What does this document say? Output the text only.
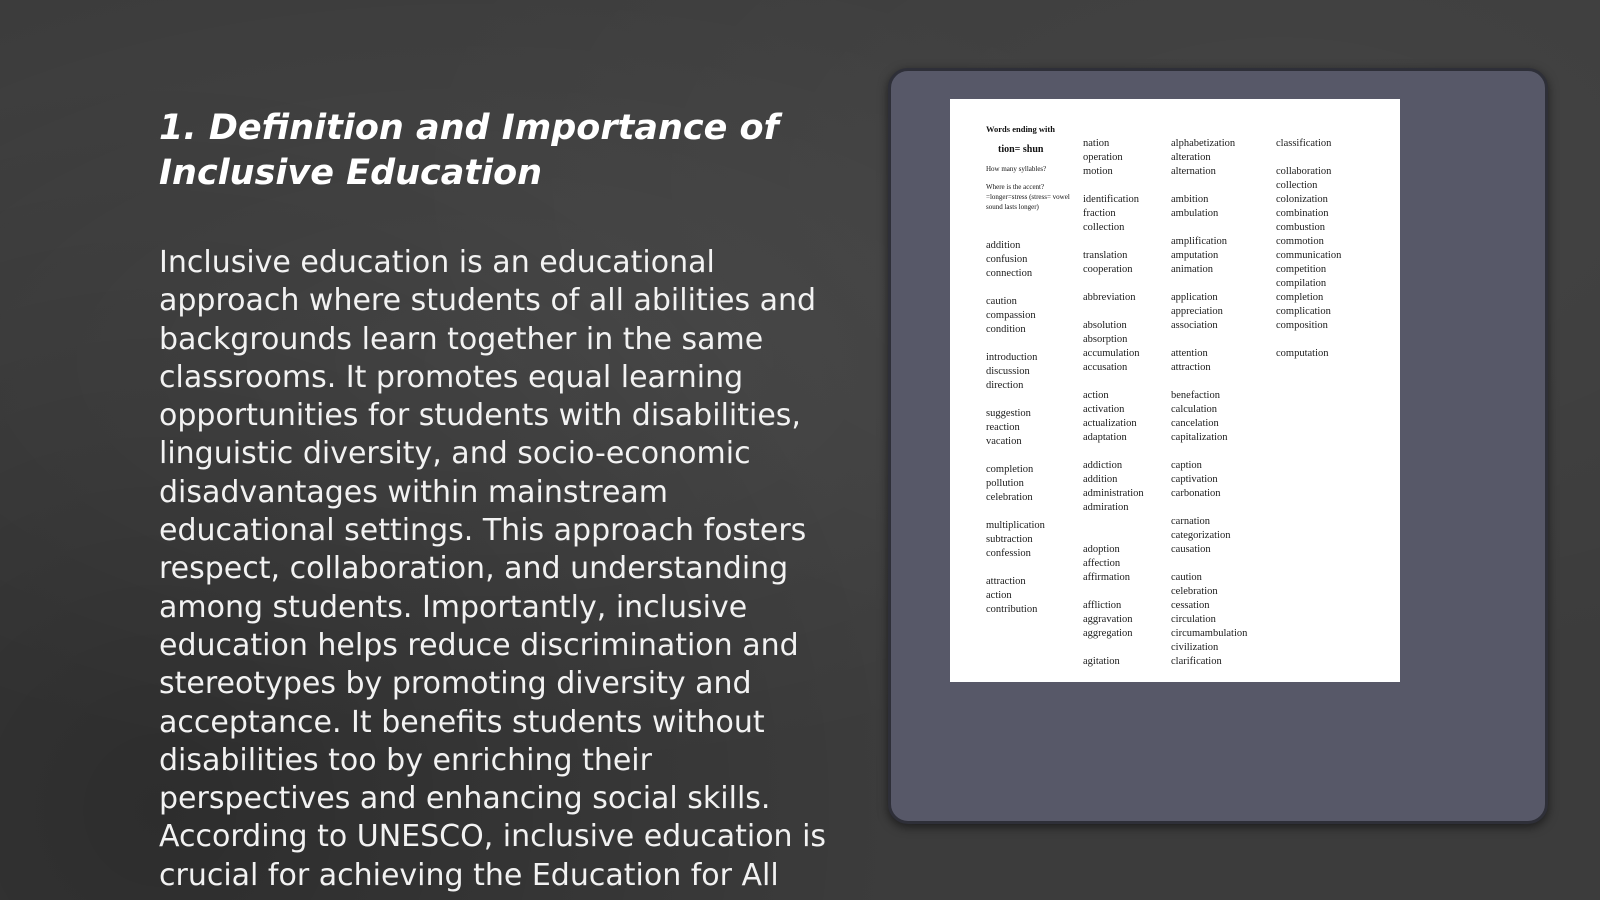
1. Definition and Importance of Inclusive Education

Inclusive education is an educational
approach where students of all abilities and
backgrounds learn together in the same
classrooms. It promotes equal learning
opportunities for students with disabilities,
linguistic diversity, and socio-economic
disadvantages within mainstream
educational settings. This approach fosters
respect, collaboration, and understanding
among students. Importantly, inclusive
education helps reduce discrimination and
stereotypes by promoting diversity and
acceptance. It benefits students without
disabilities too by enriching their
perspectives and enhancing social skills.
According to UNESCO, inclusive education is
crucial for achieving the Education for All

Words ending with
tion= shun
How many syllables?
Where is the accent? =longer=stress (stress= vowel sound lasts longer)
addition
confusion
connection
caution
compassion
condition
introduction
discussion
direction
suggestion
reaction
vacation
completion
pollution
celebration
multiplication
subtraction
confession
attraction
action
contribution
nation
operation
motion
identification
fraction
collection
translation
cooperation
abbreviation
absolution
absorption
accumulation
accusation
action
activation
actualization
adaptation
addiction
addition
administration
admiration
adoption
affection
affirmation
affliction
aggravation
aggregation
agitation
alphabetization
alteration
alternation
ambition
ambulation
amplification
amputation
animation
application
appreciation
association
attention
attraction
benefaction
calculation
cancelation
capitalization
caption
captivation
carbonation
carnation
categorization
causation
caution
celebration
cessation
circulation
circumambulation
civilization
clarification
classification
collaboration
collection
colonization
combination
combustion
commotion
communication
competition
compilation
completion
complication
composition
computation
